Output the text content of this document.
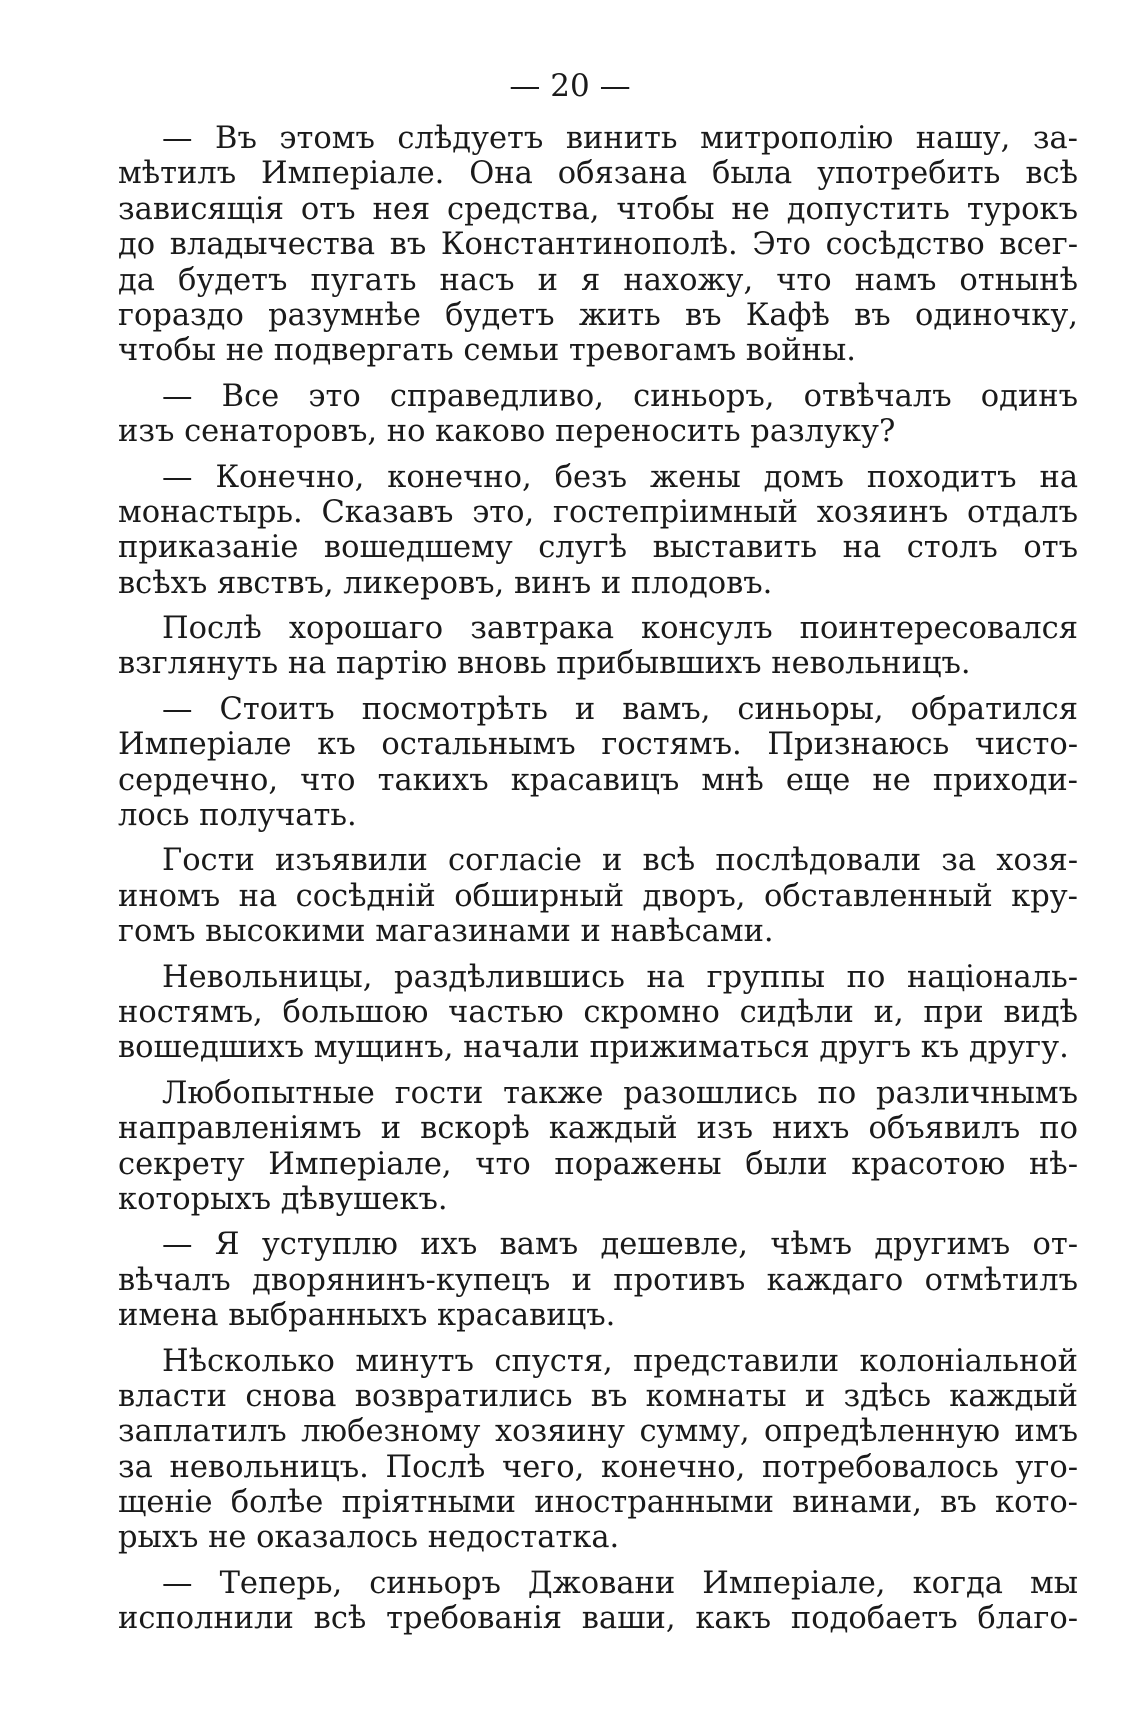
— 20 —
— Въ этомъ слѣдуетъ винить митрополію нашу, за-
мѣтилъ Имперіале. Она обязана была употребить всѣ
зависящія отъ нея средства, чтобы не допустить турокъ
до владычества въ Константинополѣ. Это сосѣдство всег-
да будетъ пугать насъ и я нахожу, что намъ отнынѣ
гораздо разумнѣе будетъ жить въ Кафѣ въ одиночку,
чтобы не подвергать семьи тревогамъ войны.
— Все это справедливо, синьоръ, отвѣчалъ одинъ
изъ сенаторовъ, но каково переносить разлуку?
— Конечно, конечно, безъ жены домъ походитъ на
монастырь. Сказавъ это, гостепріимный хозяинъ отдалъ
приказаніе вошедшему слугѣ выставить на столъ отъ
всѣхъ явствъ, ликеровъ, винъ и плодовъ.
Послѣ хорошаго завтрака консулъ поинтересовался
взглянуть на партію вновь прибывшихъ невольницъ.
— Стоитъ посмотрѣть и вамъ, синьоры, обратился
Имперіале къ остальнымъ гостямъ. Признаюсь чисто-
сердечно, что такихъ красавицъ мнѣ еще не приходи-
лось получать.
Гости изъявили согласіе и всѣ послѣдовали за хозя-
иномъ на сосѣдній обширный дворъ, обставленный кру-
гомъ высокими магазинами и навѣсами.
Невольницы, раздѣлившись на группы по національ-
ностямъ, большою частью скромно сидѣли и, при видѣ
вошедшихъ мущинъ, начали прижиматься другъ къ другу.
Любопытные гости также разошлись по различнымъ
направленіямъ и вскорѣ каждый изъ нихъ объявилъ по
секрету Имперіале, что поражены были красотою нѣ-
которыхъ дѣвушекъ.
— Я уступлю ихъ вамъ дешевле, чѣмъ другимъ от-
вѣчалъ дворянинъ-купецъ и противъ каждаго отмѣтилъ
имена выбранныхъ красавицъ.
Нѣсколько минутъ спустя, представили колоніальной
власти снова возвратились въ комнаты и здѣсь каждый
заплатилъ любезному хозяину сумму, опредѣленную имъ
за невольницъ. Послѣ чего, конечно, потребовалось уго-
щеніе болѣе пріятными иностранными винами, въ кото-
рыхъ не оказалось недостатка.
— Теперь, синьоръ Джовани Имперіале, когда мы
исполнили всѣ требованія ваши, какъ подобаетъ благо-
